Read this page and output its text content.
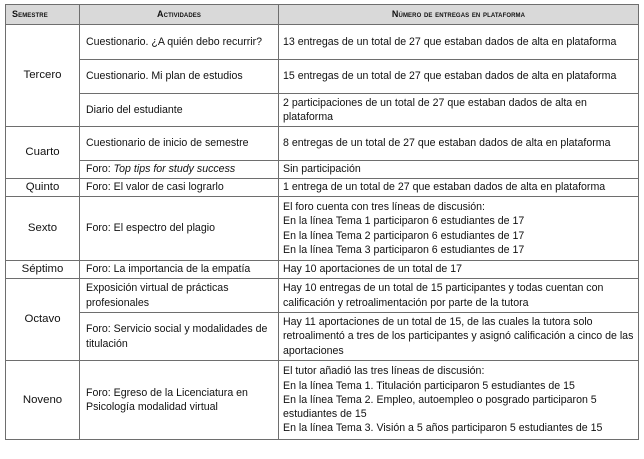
Semestre	Actividades	Número de entregas en plataforma
Tercero	Cuestionario. ¿A quién debo recurrir?	13 entregas de un total de 27 que estaban dados de alta en plataforma
	Cuestionario. Mi plan de estudios	15 entregas de un total de 27 que estaban dados de alta en plataforma
	Diario del estudiante	2 participaciones de un total de 27 que estaban dados de alta en plataforma
Cuarto	Cuestionario de inicio de semestre	8 entregas de un total de 27 que estaban dados de alta en plataforma
	Foro: Top tips for study success	Sin participación
Quinto	Foro: El valor de casi lograrlo	1 entrega de un total de 27 que estaban dados de alta en plataforma
Sexto	Foro: El espectro del plagio	El foro cuenta con tres líneas de discusión:
En la línea Tema 1 participaron 6 estudiantes de 17
En la línea Tema 2 participaron 6 estudiantes de 17
En la línea Tema 3 participaron 6 estudiantes de 17

Séptimo	Foro: La importancia de la empatía	Hay 10 aportaciones de un total de 17
Octavo	Exposición virtual de prácticas profesionales	Hay 10 entregas de un total de 15 participantes y todas cuentan con calificación y retroalimentación por parte de la tutora
	Foro: Servicio social y modalidades de titulación	Hay 11 aportaciones de un total de 15, de las cuales la tutora solo retroalimentó a tres de los participantes y asignó calificación a cinco de las aportaciones
Noveno	Foro: Egreso de la Licenciatura en Psicología modalidad virtual	El tutor añadió las tres líneas de discusión:
En la línea Tema 1. Titulación participaron 5 estudiantes de 15
En la línea Tema 2. Empleo, autoempleo o posgrado participaron 5 estudiantes de 15
En la línea Tema 3. Visión a 5 años participaron 5 estudiantes de 15
